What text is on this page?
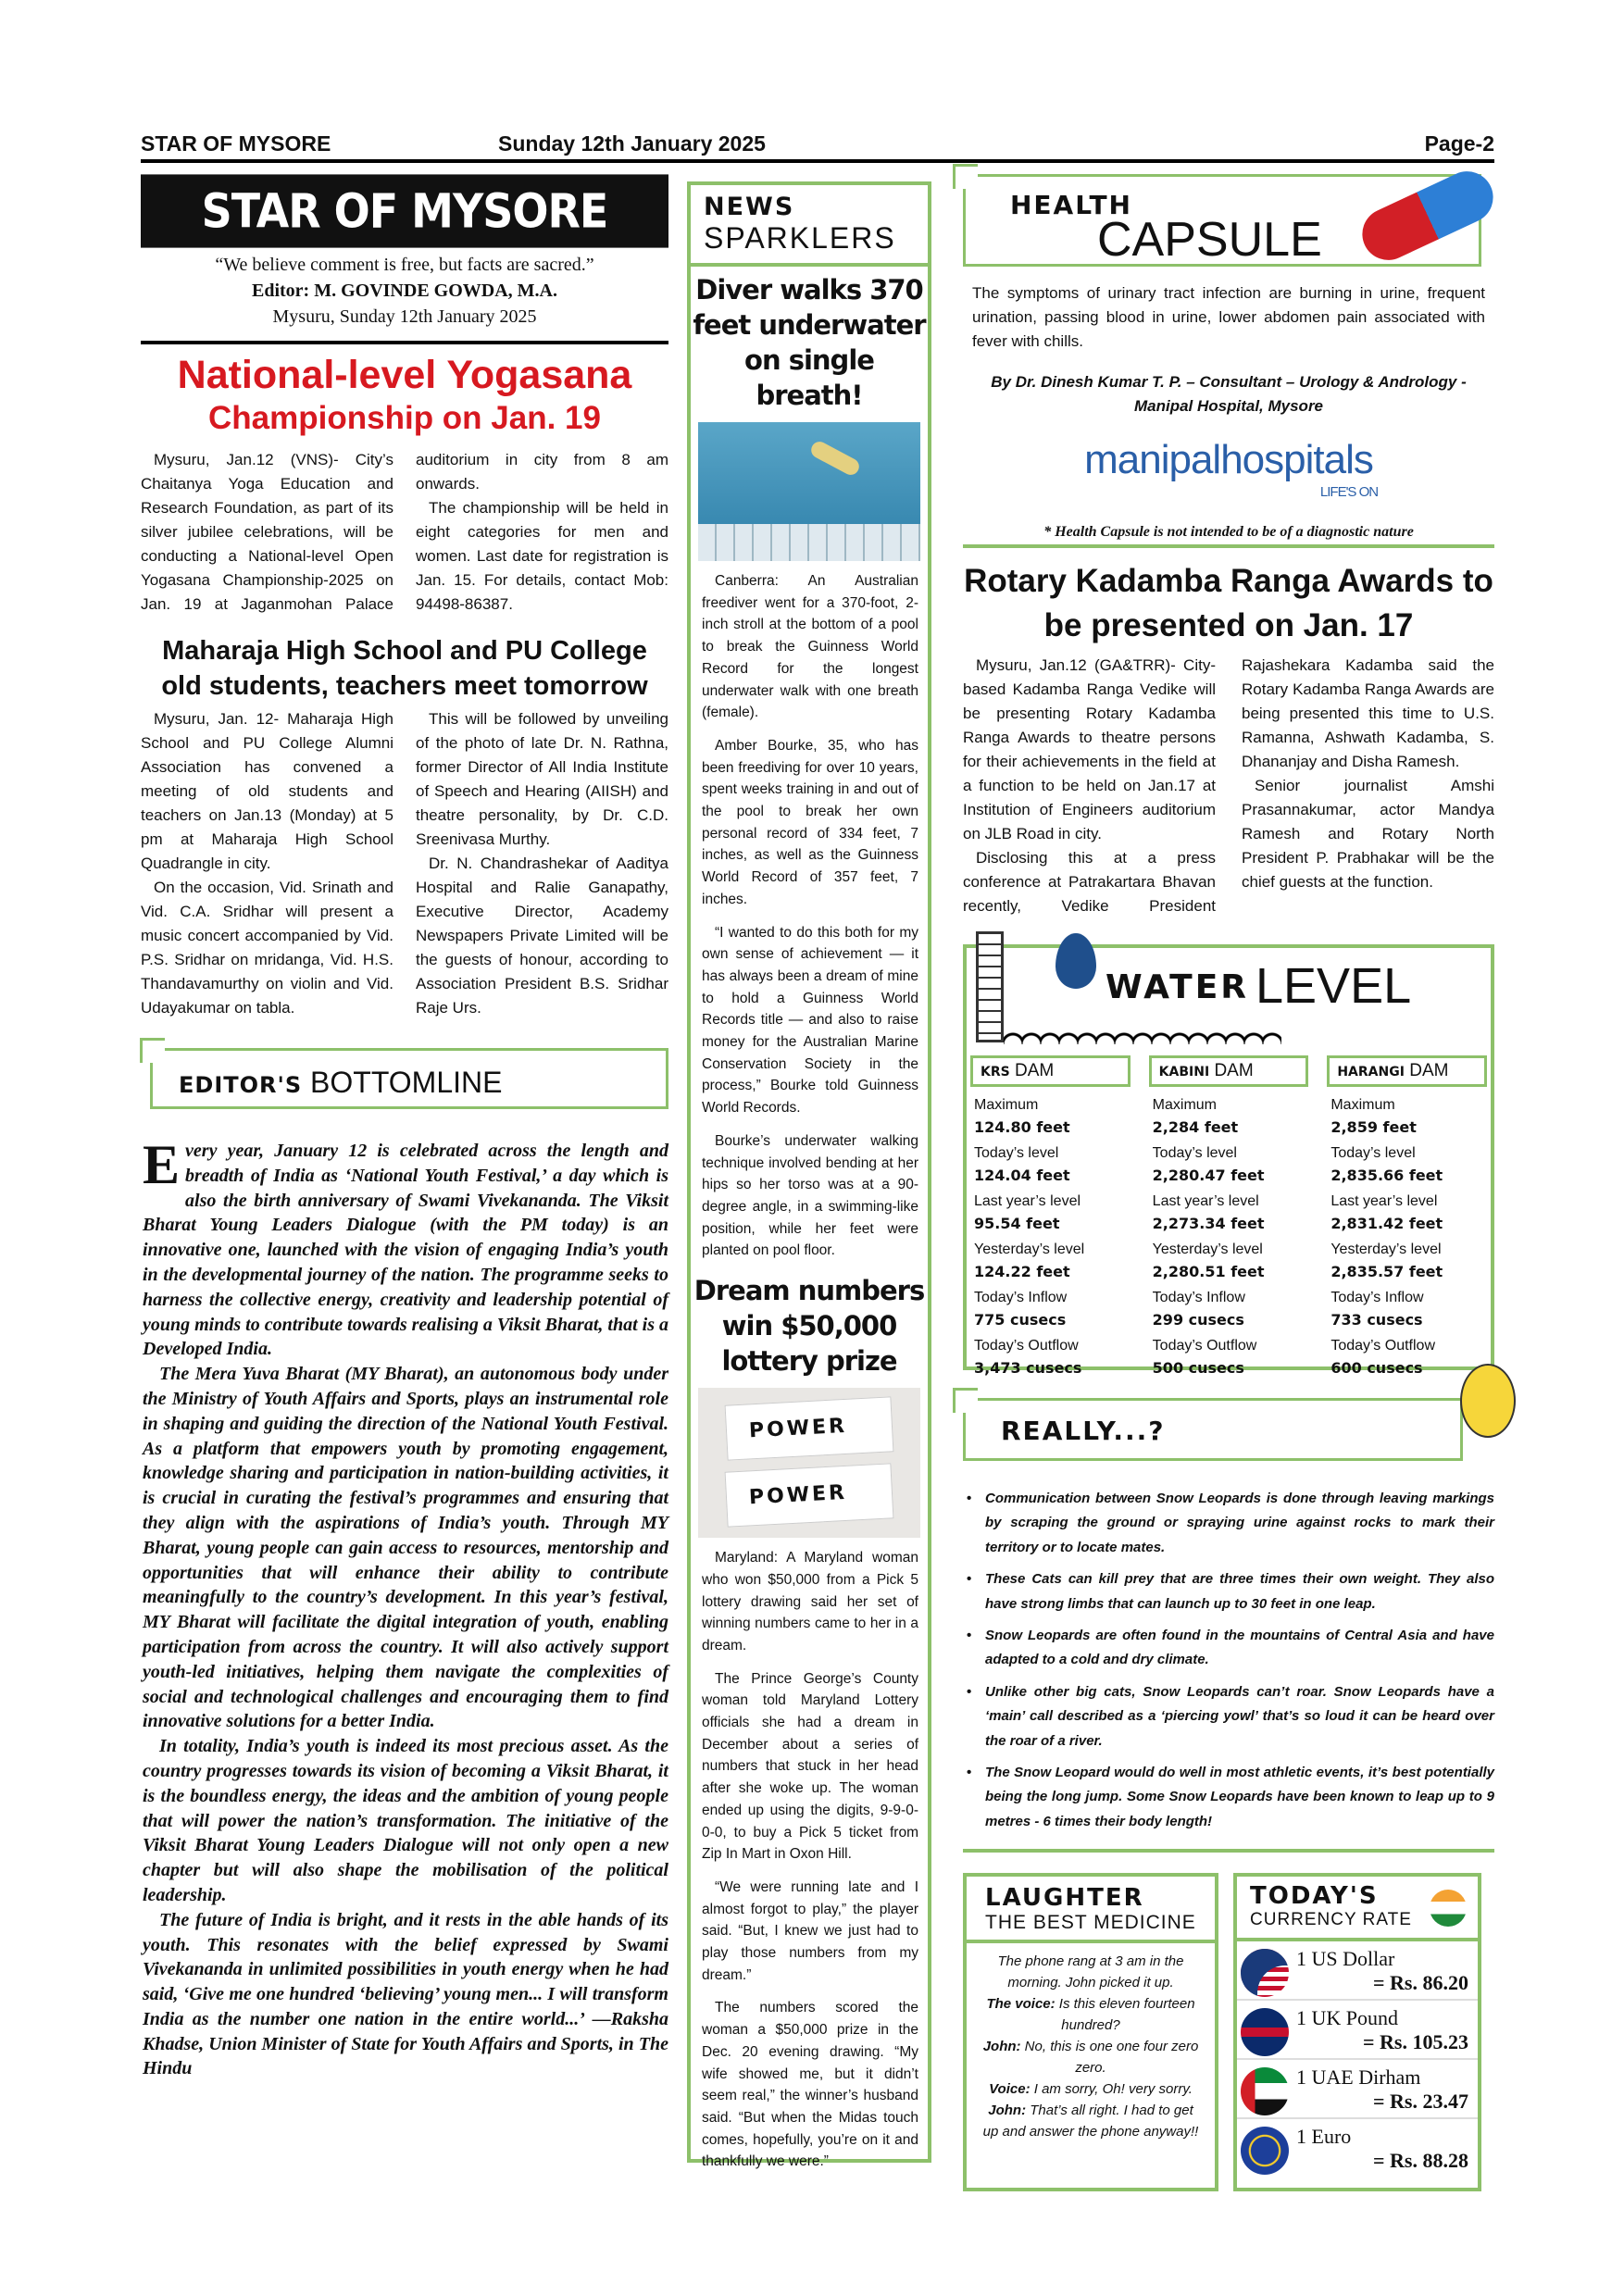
STAR OF MYSORE	Sunday 12th January 2025	Page-2
STAR OF MYSORE
“We believe comment is free, but facts are sacred.”
Editor: M. GOVINDE GOWDA, M.A.
Mysuru, Sunday 12th January 2025
National-level Yogasana
Championship on Jan. 19

Mysuru, Jan.12 (VNS)- City’s Chaitanya Yoga Education and Research Foundation, as part of its silver jubilee celebrations, will be conducting a National-level Open Yogasana Championship-2025 on Jan. 19 at Jaganmohan Palace auditorium in city from 8 am onwards.

The championship will be held in eight categories for men and women. Last date for registration is Jan. 15. For details, contact Mob: 94498-86387.

Maharaja High School and PU College old students, teachers meet tomorrow

Mysuru, Jan. 12- Maharaja High School and PU College Alumni Association has convened a meeting of old students and teachers on Jan.13 (Monday) at 5 pm at Maharaja High School Quadrangle in city.

On the occasion, Vid. Srinath and Vid. C.A. Sridhar will present a music concert accompanied by Vid. P.S. Sridhar on mridanga, Vid. H.S. Thandavamurthy on violin and Vid. Udayakumar on tabla.

This will be followed by unveiling of the photo of late Dr. N. Rathna, former Director of All India Institute of Speech and Hearing (AIISH) and theatre personality, by Dr. C.D. Sreenivasa Murthy.

Dr. N. Chandrashekar of Aaditya Hospital and Ralie Ganapathy, Executive Director, Academy Newspapers Private Limited will be the guests of honour, according to Association President B.S. Sridhar Raje Urs.

EDITOR'S BOTTOMLINE

Every year, January 12 is celebrated across the length and breadth of India as ‘National Youth Festival,’ a day which is also the birth anniversary of Swami Vivekananda. The Viksit Bharat Young Leaders Dialogue (with the PM today) is an innovative one, launched with the vision of engaging India’s youth in the developmental journey of the nation. The programme seeks to harness the collective energy, creativity and leadership potential of young minds to contribute towards realising a Viksit Bharat, that is a Developed India.

The Mera Yuva Bharat (MY Bharat), an autonomous body under the Ministry of Youth Affairs and Sports, plays an instrumental role in shaping and guiding the direction of the National Youth Festival. As a platform that empowers youth by promoting engagement, knowledge sharing and participation in nation-building activities, it is crucial in curating the festival’s programmes and ensuring that they align with the aspirations of India’s youth. Through MY Bharat, young people can gain access to resources, mentorship and opportunities that will enhance their ability to contribute meaningfully to the country’s development. In this year’s festival, MY Bharat will facilitate the digital integration of youth, enabling participation from across the country. It will also actively support youth-led initiatives, helping them navigate the complexities of social and technological challenges and encouraging them to find innovative solutions for a better India.

In totality, India’s youth is indeed its most precious asset. As the country progresses towards its vision of becoming a Viksit Bharat, it is the boundless energy, the ideas and the ambition of young people that will power the nation’s transformation. The initiative of the Viksit Bharat Young Leaders Dialogue will not only open a new chapter but will also shape the mobilisation of the political leadership.

The future of India is bright, and it rests in the able hands of its youth. This resonates with the belief expressed by Swami Vivekananda in unlimited possibilities in youth energy when he had said, ‘Give me one hundred ‘believing’ young men... I will transform India as the number one nation in the entire world...’ —Raksha Khadse, Union Minister of State for Youth Affairs and Sports, in The Hindu

NEWS
SPARKLERS
Diver walks 370 feet underwater on single breath!

Canberra: An Australian freediver went for a 370-foot, 2-inch stroll at the bottom of a pool to break the Guinness World Record for the longest underwater walk with one breath (female).

Amber Bourke, 35, who has been freediving for over 10 years, spent weeks training in and out of the pool to break her own personal record of 334 feet, 7 inches, as well as the Guinness World Record of 357 feet, 7 inches.

“I wanted to do this both for my own sense of achievement — it has always been a dream of mine to hold a Guinness World Records title — and also to raise money for the Australian Marine Conservation Society in the process,” Bourke told Guinness World Records.

Bourke’s underwater walking technique involved bending at her hips so her torso was at a 90-degree angle, in a swimming-like position, while her feet were planted on pool floor.

Dream numbers win $50,000 lottery prize
POWER
POWER

Maryland: A Maryland woman who won $50,000 from a Pick 5 lottery drawing said her set of winning numbers came to her in a dream.

The Prince George’s County woman told Maryland Lottery officials she had a dream in December about a series of numbers that stuck in her head after she woke up. The woman ended up using the digits, 9-9-0-0-0, to buy a Pick 5 ticket from Zip In Mart in Oxon Hill.

“We were running late and I almost forgot to play,” the player said. “But, I knew we just had to play those numbers from my dream.”

The numbers scored the woman a $50,000 prize in the Dec. 20 evening drawing. “My wife showed me, but it didn’t seem real,” the winner’s husband said. “But when the Midas touch comes, hopefully, you’re on it and thankfully we were.”

HEALTH
CAPSULE
The symptoms of urinary tract infection are burning in urine, frequent urination, passing blood in urine, lower abdomen pain associated with fever with chills.
By Dr. Dinesh Kumar T. P. – Consultant – Urology & Andrology - Manipal Hospital, Mysore
manipalhospitals
LIFE'S ON
* Health Capsule is not intended to be of a diagnostic nature
Rotary Kadamba Ranga Awards to be presented on Jan. 17

Mysuru, Jan.12 (GA&TRR)- City-based Kadamba Ranga Vedike will be presenting Rotary Kadamba Ranga Awards to theatre persons for their achievements in the field at a function to be held on Jan.17 at Institution of Engineers auditorium on JLB Road in city.

Disclosing this at a press conference at Patrakartara Bhavan recently, Vedike President Rajashekara Kadamba said the Rotary Kadamba Ranga Awards are being presented this time to U.S. Ramanna, Ashwath Kadamba, S. Dhananjay and Disha Ramesh.

Senior journalist Amshi Prasannakumar, actor Mandya Ramesh and Rotary North President P. Prabhakar will be the chief guests at the function.

WATER LEVEL
KRS DAM
Maximum
124.80 feet
Today’s level
124.04 feet
Last year’s level
95.54 feet
Yesterday’s level
124.22 feet
Today’s Inflow
775 cusecs
Today’s Outflow
3,473 cusecs
KABINI DAM
Maximum
2,284 feet
Today’s level
2,280.47 feet
Last year’s level
2,273.34 feet
Yesterday’s level
2,280.51 feet
Today’s Inflow
299 cusecs
Today’s Outflow
500 cusecs
HARANGI DAM
Maximum
2,859 feet
Today’s level
2,835.66 feet
Last year’s level
2,831.42 feet
Yesterday’s level
2,835.57 feet
Today’s Inflow
733 cusecs
Today’s Outflow
600 cusecs
REALLY...?
• Communication between Snow Leopards is done through leaving markings by scraping the ground or spraying urine against rocks to mark their territory or to locate mates.
• These Cats can kill prey that are three times their own weight. They also have strong limbs that can launch up to 30 feet in one leap.
• Snow Leopards are often found in the mountains of Central Asia and have adapted to a cold and dry climate.
• Unlike other big cats, Snow Leopards can’t roar. Snow Leopards have a ‘main’ call described as a ‘piercing yowl’ that’s so loud it can be heard over the roar of a river.
• The Snow Leopard would do well in most athletic events, it’s best potentially being the long jump. Some Snow Leopards have been known to leap up to 9 metres - 6 times their body length!
LAUGHTER
THE BEST MEDICINE
The phone rang at 3 am in the morning. John picked it up.
The voice: Is this eleven fourteen hundred?
John: No, this is one one four zero zero.
Voice: I am sorry, Oh! very sorry.
John: That’s all right. I had to get up and answer the phone anyway!!
TODAY'S
CURRENCY RATE
1 US Dollar
= Rs. 86.20
1 UK Pound
= Rs. 105.23
1 UAE Dirham
= Rs. 23.47
1 Euro
= Rs. 88.28
